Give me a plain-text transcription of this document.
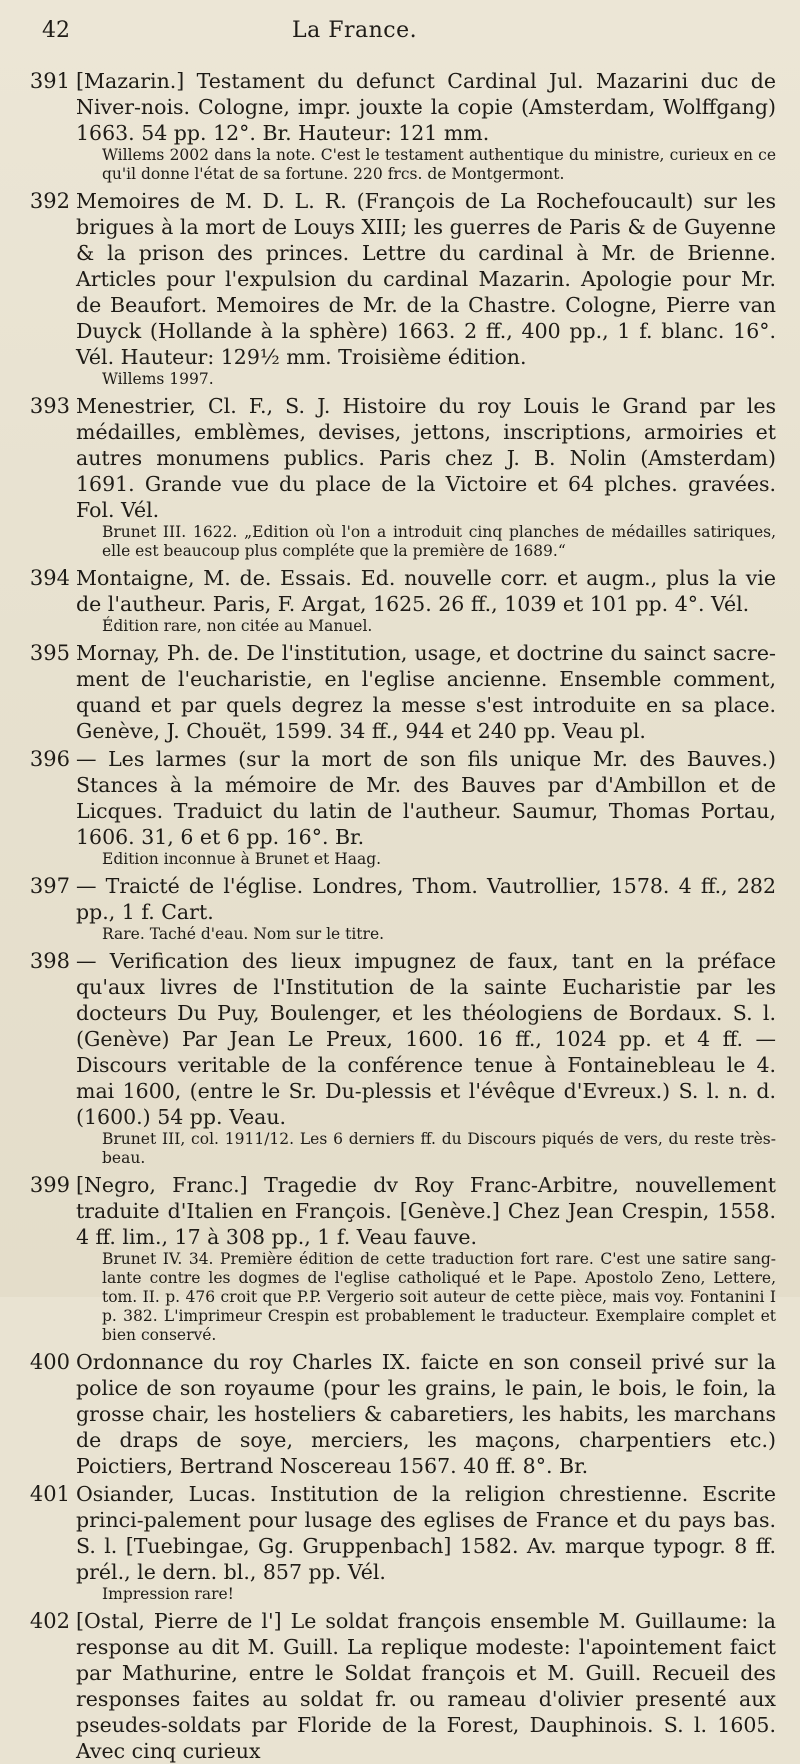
42	La France.
391 [Mazarin.] Testament du defunct Cardinal Jul. Mazarini duc de Niver-nois. Cologne, impr. jouxte la copie (Amsterdam, Wolffgang) 1663. 54 pp. 12°. Br. Hauteur: 121 mm.
Willems 2002 dans la note. C'est le testament authentique du ministre, curieux en ce qu'il donne l'état de sa fortune. 220 frcs. de Montgermont.
392 Memoires de M. D. L. R. (François de La Rochefoucault) sur les brigues à la mort de Louys XIII; les guerres de Paris & de Guyenne & la prison des princes. Lettre du cardinal à Mr. de Brienne. Articles pour l'expulsion du cardinal Mazarin. Apologie pour Mr. de Beaufort. Memoires de Mr. de la Chastre. Cologne, Pierre van Duyck (Hollande à la sphère) 1663. 2 ff., 400 pp., 1 f. blanc. 16°. Vél. Hauteur: 129½ mm. Troisième édition.
Willems 1997.
393 Menestrier, Cl. F., S. J. Histoire du roy Louis le Grand par les médailles, emblèmes, devises, jettons, inscriptions, armoiries et autres monumens publics. Paris chez J. B. Nolin (Amsterdam) 1691. Grande vue du place de la Victoire et 64 plches. gravées. Fol. Vél.
Brunet III. 1622. „Edition où l'on a introduit cinq planches de médailles satiriques, elle est beaucoup plus compléte que la première de 1689.“
394 Montaigne, M. de. Essais. Ed. nouvelle corr. et augm., plus la vie de l'autheur. Paris, F. Argat, 1625. 26 ff., 1039 et 101 pp. 4°. Vél.
Édition rare, non citée au Manuel.
395 Mornay, Ph. de. De l'institution, usage, et doctrine du sainct sacre-ment de l'eucharistie, en l'eglise ancienne. Ensemble comment, quand et par quels degrez la messe s'est introduite en sa place. Genève, J. Chouët, 1599. 34 ff., 944 et 240 pp. Veau pl.
396 — Les larmes (sur la mort de son fils unique Mr. des Bauves.) Stances à la mémoire de Mr. des Bauves par d'Ambillon et de Licques. Traduict du latin de l'autheur. Saumur, Thomas Portau, 1606. 31, 6 et 6 pp. 16°. Br.
Edition inconnue à Brunet et Haag.
397 — Traicté de l'église. Londres, Thom. Vautrollier, 1578. 4 ff., 282 pp., 1 f. Cart.
Rare. Taché d'eau. Nom sur le titre.
398 — Verification des lieux impugnez de faux, tant en la préface qu'aux livres de l'Institution de la sainte Eucharistie par les docteurs Du Puy, Boulenger, et les théologiens de Bordaux. S. l. (Genève) Par Jean Le Preux, 1600. 16 ff., 1024 pp. et 4 ff. — Discours veritable de la conférence tenue à Fontainebleau le 4. mai 1600, (entre le Sr. Du-plessis et l'évêque d'Evreux.) S. l. n. d. (1600.) 54 pp. Veau.
Brunet III, col. 1911/12. Les 6 derniers ff. du Discours piqués de vers, du reste très-beau.
399 [Negro, Franc.] Tragedie dv Roy Franc-Arbitre, nouvellement traduite d'Italien en François. [Genève.] Chez Jean Crespin, 1558. 4 ff. lim., 17 à 308 pp., 1 f. Veau fauve.
Brunet IV. 34. Première édition de cette traduction fort rare. C'est une satire sang-lante contre les dogmes de l'eglise catholiqué et le Pape. Apostolo Zeno, Lettere, tom. II. p. 476 croit que P.P. Vergerio soit auteur de cette pièce, mais voy. Fontanini I p. 382. L'imprimeur Crespin est probablement le traducteur. Exemplaire complet et bien conservé.
400 Ordonnance du roy Charles IX. faicte en son conseil privé sur la police de son royaume (pour les grains, le pain, le bois, le foin, la grosse chair, les hosteliers & cabaretiers, les habits, les marchans de draps de soye, merciers, les maçons, charpentiers etc.) Poictiers, Bertrand Noscereau 1567. 40 ff. 8°. Br.
401 Osiander, Lucas. Institution de la religion chrestienne. Escrite princi-palement pour lusage des eglises de France et du pays bas. S. l. [Tuebingae, Gg. Gruppenbach] 1582. Av. marque typogr. 8 ff. prél., le dern. bl., 857 pp. Vél.
Impression rare!
402 [Ostal, Pierre de l'] Le soldat françois ensemble M. Guillaume: la response au dit M. Guill. La replique modeste: l'apointement faict par Mathurine, entre le Soldat françois et M. Guill. Recueil des responses faites au soldat fr. ou rameau d'olivier presenté aux pseudes-soldats par Floride de la Forest, Dauphinois. S. l. 1605. Avec cinq curieux
